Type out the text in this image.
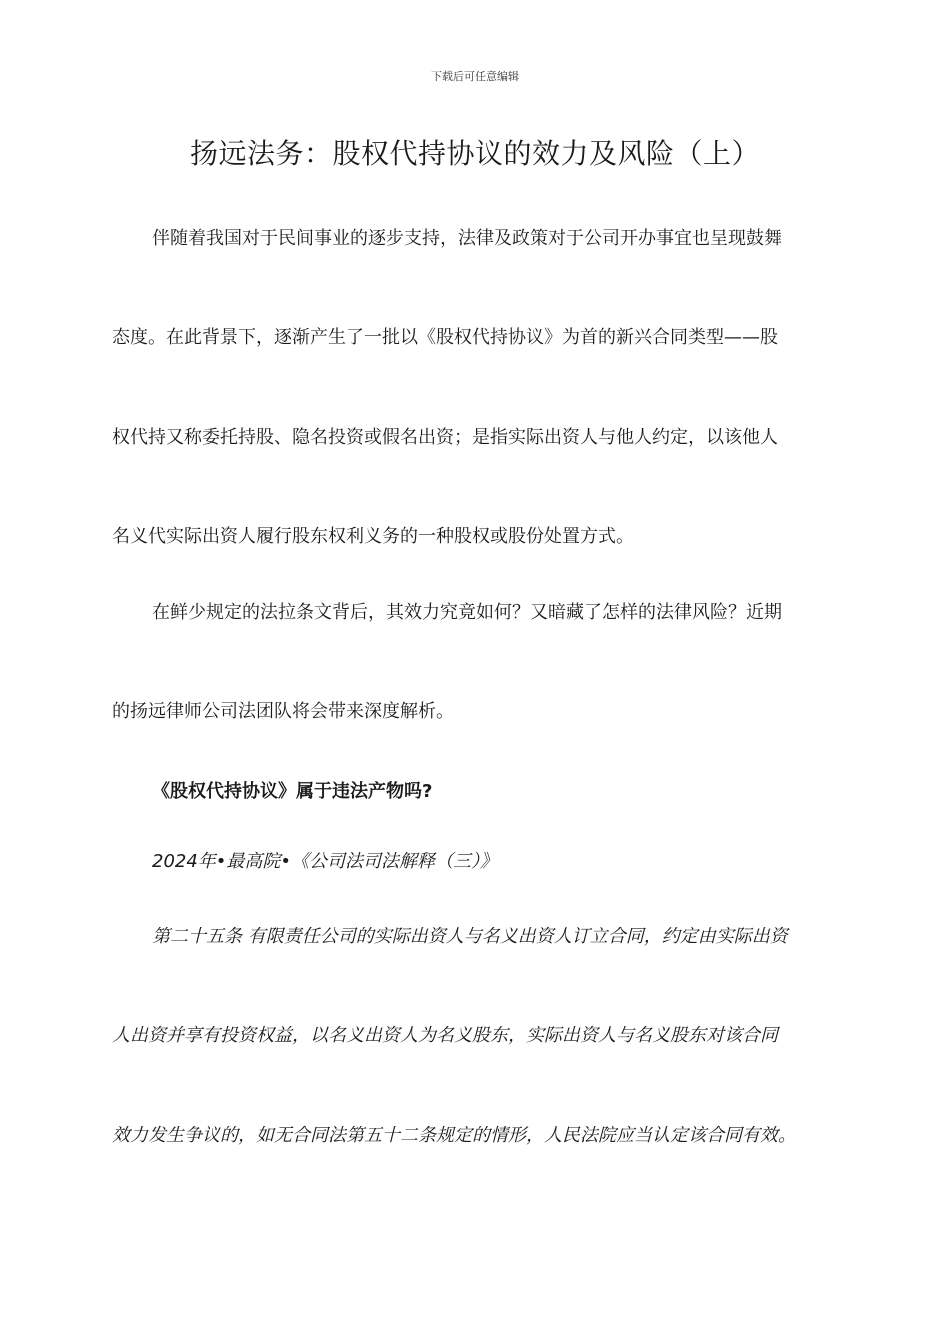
下载后可任意编辑
扬远法务：股权代持协议的效力及风险（上）
伴随着我国对于民间事业的逐步支持，法律及政策对于公司开办事宜也呈现鼓舞
态度。在此背景下，逐渐产生了一批以《股权代持协议》为首的新兴合同类型——股
权代持又称委托持股、隐名投资或假名出资；是指实际出资人与他人约定，以该他人
名义代实际出资人履行股东权利义务的一种股权或股份处置方式。
在鲜少规定的法拉条文背后，其效力究竟如何？又暗藏了怎样的法律风险？近期
的扬远律师公司法团队将会带来深度解析。
《股权代持协议》属于违法产物吗?
2024年•最高院•《公司法司法解释（三）》
第二十五条 有限责任公司的实际出资人与名义出资人订立合同，约定由实际出资
人出资并享有投资权益，以名义出资人为名义股东，实际出资人与名义股东对该合同
效力发生争议的，如无合同法第五十二条规定的情形，人民法院应当认定该合同有效。
